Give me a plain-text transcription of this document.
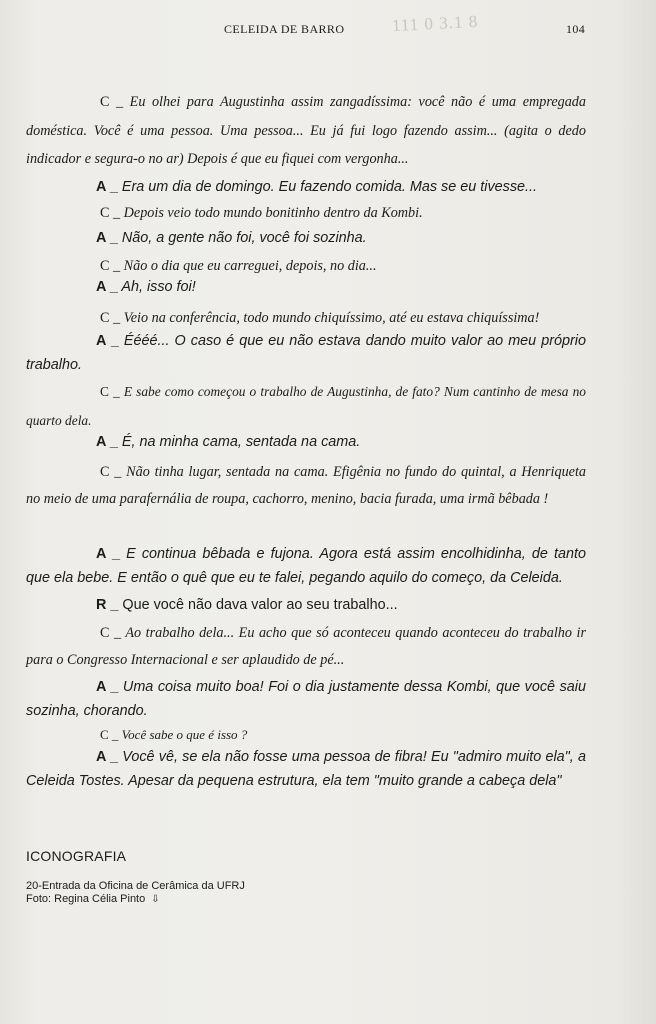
111 0 3.1 8
CELEIDA DE BARRO	104

C _ Eu olhei para Augustinha assim zangadíssima: você não é uma empregada doméstica. Você é uma pessoa. Uma pessoa... Eu já fui logo fazendo assim... (agita o dedo indicador e segura-o no ar) Depois é que eu fiquei com vergonha...

A _ Era um dia de domingo. Eu fazendo comida. Mas se eu tivesse...

C _ Depois veio todo mundo bonitinho dentro da Kombi.

A _ Não, a gente não foi, você foi sozinha.

C _ Não o dia que eu carreguei, depois, no dia...

A _ Ah, isso foi!

C _ Veio na conferência, todo mundo chiquíssimo, até eu estava chiquíssima!

A _ Éééé... O caso é que eu não estava dando muito valor ao meu próprio trabalho.

C _ E sabe como começou o trabalho de Augustinha, de fato? Num cantinho de mesa no quarto dela.

A _ É, na minha cama, sentada na cama.

C _ Não tinha lugar, sentada na cama. Efigênia no fundo do quintal, a Henriqueta no meio de uma parafernália de roupa, cachorro, menino, bacia furada, uma irmã bêbada !

A _ E continua bêbada e fujona. Agora está assim encolhidinha, de tanto que ela bebe. E então o quê que eu te falei, pegando aquilo do começo, da Celeida.

R _ Que você não dava valor ao seu trabalho...

C _ Ao trabalho dela... Eu acho que só aconteceu quando aconteceu do trabalho ir para o Congresso Internacional e ser aplaudido de pé...

A _ Uma coisa muito boa! Foi o dia justamente dessa Kombi, que você saiu sozinha, chorando.

C _ Você sabe o que é isso ?

A _ Você vê, se ela não fosse uma pessoa de fibra! Eu "admiro muito ela", a Celeida Tostes. Apesar da pequena estrutura, ela tem "muito grande a cabeça dela"

ICONOGRAFIA
20-Entrada da Oficina de Cerâmica da UFRJ
Foto: Regina Célia Pinto ⇩
